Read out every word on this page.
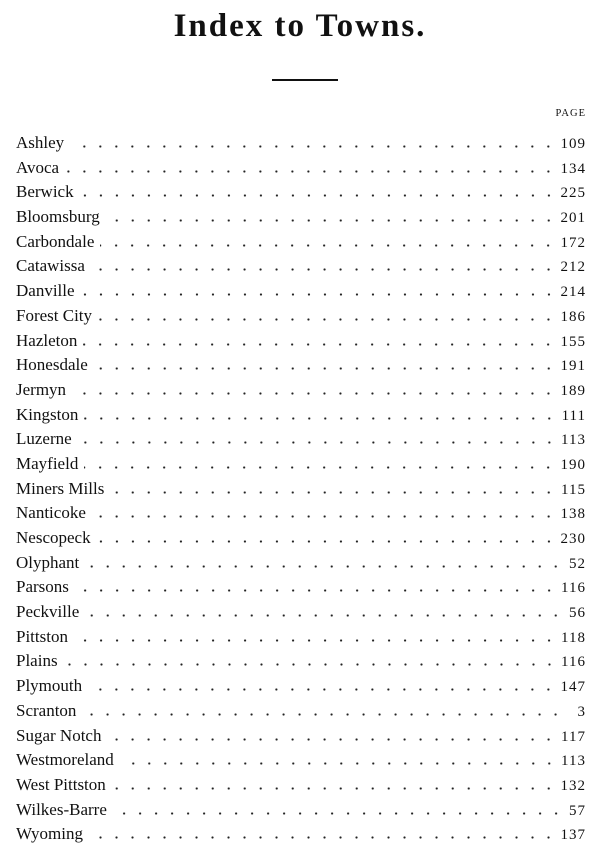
Index to Towns.
PAGE
Ashley	109
Avoca	134
Berwick	225
Bloomsburg	201
Carbondale	172
Catawissa	212
Danville	214
Forest City	186
Hazleton	155
Honesdale	191
Jermyn	189
Kingston	111
Luzerne	113
Mayfield	190
Miners Mills	115
Nanticoke	138
Nescopeck	230
Olyphant	52
Parsons	116
Peckville	56
Pittston	118
Plains	116
Plymouth	147
Scranton	3
Sugar Notch	117
Westmoreland	113
West Pittston	132
Wilkes-Barre	57
Wyoming	137
